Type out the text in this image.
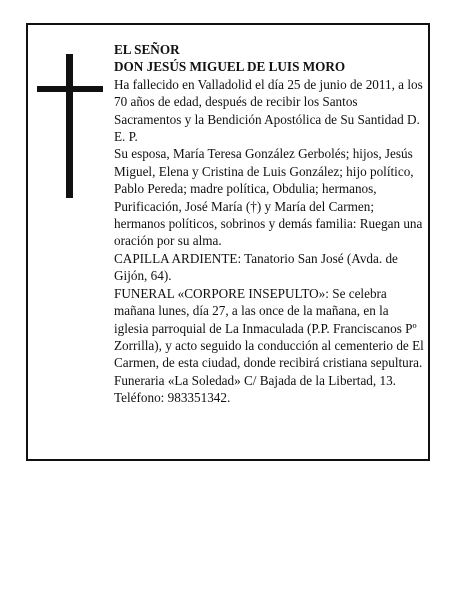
EL SEÑOR

DON JESÚS MIGUEL DE LUIS MORO

Ha fallecido en Valladolid el día 25 de junio de 2011, a los 70 años de edad, después de recibir los Santos Sacramentos y la Bendición Apostólica de Su Santidad D. E. P.

Su esposa, María Teresa González Gerbolés; hijos, Jesús Miguel, Elena y Cristina de Luis González; hijo político, Pablo Pereda; madre política, Obdulia; hermanos, Purificación, José María (†) y María del Carmen; hermanos políticos, sobrinos y demás familia: Ruegan una oración por su alma.

CAPILLA ARDIENTE: Tanatorio San José (Avda. de Gijón, 64).

FUNERAL «CORPORE INSEPULTO»: Se celebra mañana lunes, día 27, a las once de la mañana, en la iglesia parroquial de La Inmaculada (P.P. Franciscanos Pº Zorrilla), y acto seguido la conducción al cementerio de El Carmen, de esta ciudad, donde recibirá cristiana sepultura.

Funeraria «La Soledad» C/ Bajada de la Libertad, 13. Teléfono: 983351342.
